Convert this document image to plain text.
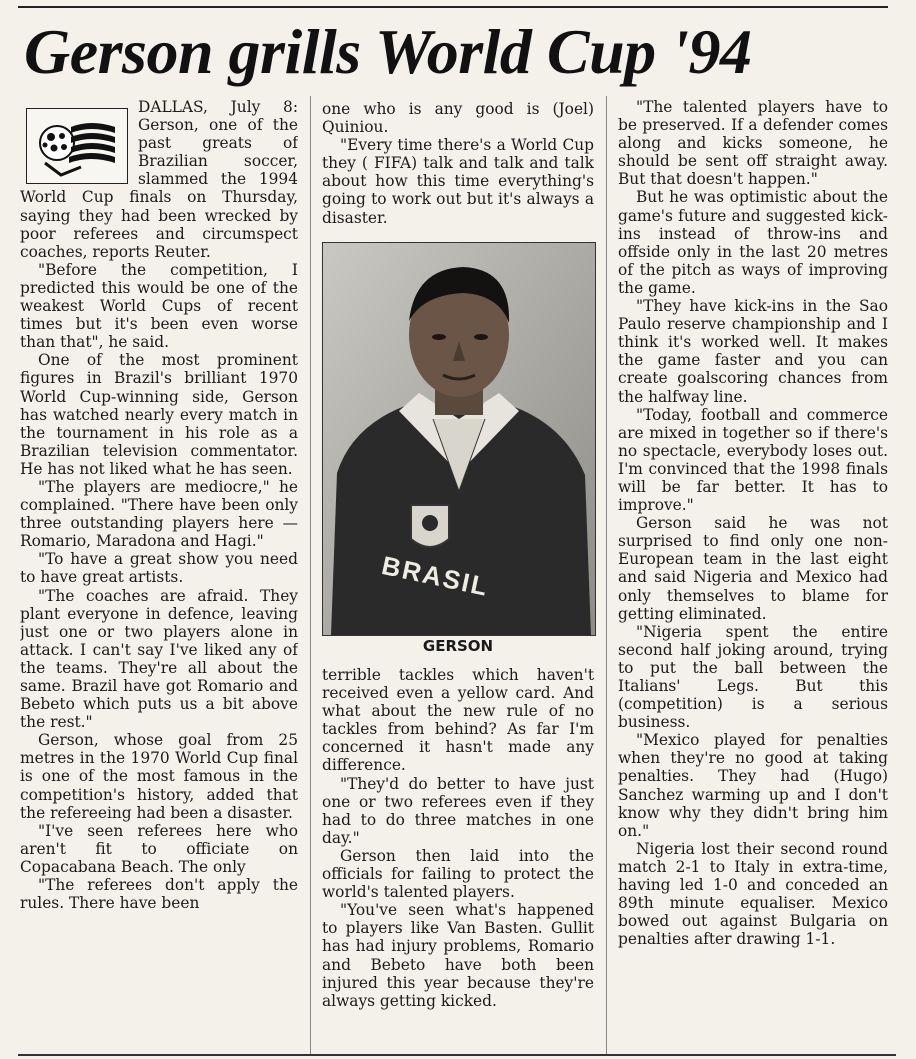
Gerson grills World Cup '94

DALLAS, July 8: Gerson, one of the past greats of Brazilian soccer, slammed the 1994 World Cup finals on Thursday, saying they had been wrecked by poor referees and circumspect coaches, reports Reuter.

"Before the competition, I predicted this would be one of the weakest World Cups of recent times but it's been even worse than that", he said.

One of the most prominent figures in Brazil's brilliant 1970 World Cup-winning side, Gerson has watched nearly every match in the tournament in his role as a Brazilian television commentator. He has not liked what he has seen.

"The players are mediocre," he complained. "There have been only three outstanding players here — Romario, Maradona and Hagi."

"To have a great show you need to have great artists.

"The coaches are afraid. They plant everyone in defence, leaving just one or two players alone in attack. I can't say I've liked any of the teams. They're all about the same. Brazil have got Romario and Bebeto which puts us a bit above the rest."

Gerson, whose goal from 25 metres in the 1970 World Cup final is one of the most famous in the competition's history, added that the refereeing had been a disaster.

"I've seen referees here who aren't fit to officiate on Copacabana Beach. The only

"The referees don't apply the rules. There have been

one who is any good is (Joel) Quiniou.

"Every time there's a World Cup they ( FIFA) talk and talk and talk about how this time everything's going to work out but it's always a disaster.

BRASIL
GERSON

terrible tackles which haven't received even a yellow card. And what about the new rule of no tackles from behind? As far I'm concerned it hasn't made any difference.

"They'd do better to have just one or two referees even if they had to do three matches in one day."

Gerson then laid into the officials for failing to protect the world's talented players.

"You've seen what's happened to players like Van Basten. Gullit has had injury problems, Romario and Bebeto have both been injured this year because they're always getting kicked.

"The talented players have to be preserved. If a defender comes along and kicks someone, he should be sent off straight away. But that doesn't happen."

But he was optimistic about the game's future and suggested kick-ins instead of throw-ins and offside only in the last 20 metres of the pitch as ways of improving the game.

"They have kick-ins in the Sao Paulo reserve championship and I think it's worked well. It makes the game faster and you can create goalscoring chances from the halfway line.

"Today, football and commerce are mixed in together so if there's no spectacle, everybody loses out. I'm convinced that the 1998 finals will be far better. It has to improve."

Gerson said he was not surprised to find only one non-European team in the last eight and said Nigeria and Mexico had only themselves to blame for getting eliminated.

"Nigeria spent the entire second half joking around, trying to put the ball between the Italians' Legs. But this (competition) is a serious business.

"Mexico played for penalties when they're no good at taking penalties. They had (Hugo) Sanchez warming up and I don't know why they didn't bring him on."

Nigeria lost their second round match 2-1 to Italy in extra-time, having led 1-0 and conceded an 89th minute equaliser. Mexico bowed out against Bulgaria on penalties after drawing 1-1.
